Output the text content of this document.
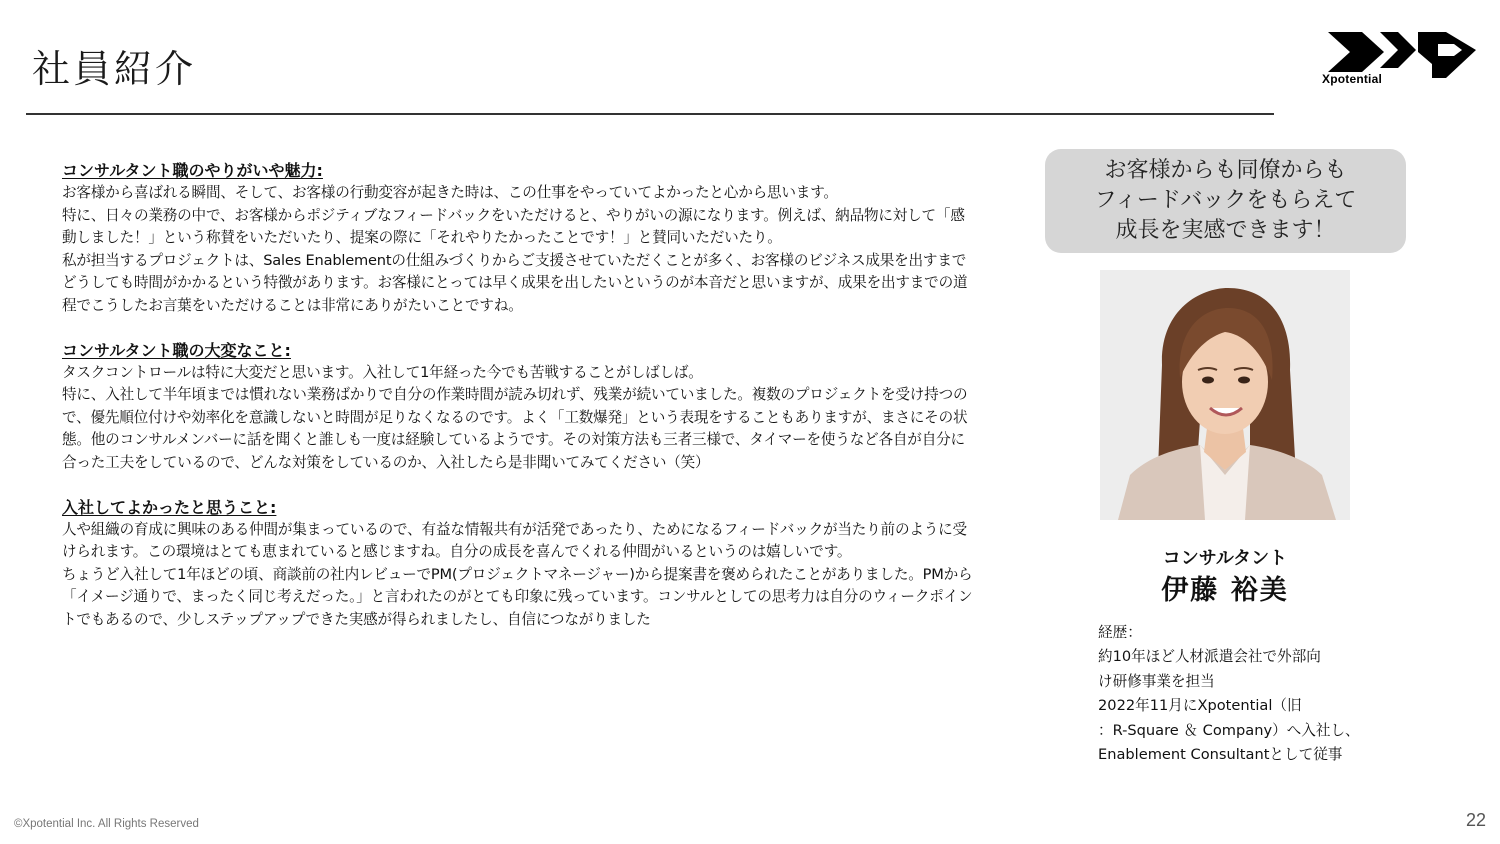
社員紹介	Xpotential

コンサルタント職のやりがいや魅力:

お客様から喜ばれる瞬間、そして、お客様の行動変容が起きた時は、この仕事をやっていてよかったと心から思います。

特に、日々の業務の中で、お客様からポジティブなフィードバックをいただけると、やりがいの源になります。例えば、納品物に対して「感動しました！」という称賛をいただいたり、提案の際に「それやりたかったことです！」と賛同いただいたり。

私が担当するプロジェクトは、Sales Enablementの仕組みづくりからご支援させていただくことが多く、お客様のビジネス成果を出すまでどうしても時間がかかるという特徴があります。お客様にとっては早く成果を出したいというのが本音だと思いますが、成果を出すまでの道程でこうしたお言葉をいただけることは非常にありがたいことですね。

コンサルタント職の大変なこと:

タスクコントロールは特に大変だと思います。入社して1年経った今でも苦戦することがしばしば。

特に、入社して半年頃までは慣れない業務ばかりで自分の作業時間が読み切れず、残業が続いていました。複数のプロジェクトを受け持つので、優先順位付けや効率化を意識しないと時間が足りなくなるのです。よく「工数爆発」という表現をすることもありますが、まさにその状態。他のコンサルメンバーに話を聞くと誰しも一度は経験しているようです。その対策方法も三者三様で、タイマーを使うなど各自が自分に合った工夫をしているので、どんな対策をしているのか、入社したら是非聞いてみてください（笑）

入社してよかったと思うこと:

人や組織の育成に興味のある仲間が集まっているので、有益な情報共有が活発であったり、ためになるフィードバックが当たり前のように受けられます。この環境はとても恵まれていると感じますね。自分の成長を喜んでくれる仲間がいるというのは嬉しいです。

ちょうど入社して1年ほどの頃、商談前の社内レビューでPM(プロジェクトマネージャー)から提案書を褒められたことがありました。PMから「イメージ通りで、まったく同じ考えだった。」と言われたのがとても印象に残っています。コンサルとしての思考力は自分のウィークポイントでもあるので、少しステップアップできた実感が得られましたし、自信につながりました

お客様からも同僚からも
フィードバックをもらえて
成長を実感できます！
コンサルタント
伊藤 裕美

経歴：

約10年ほど人材派遣会社で外部向

け研修事業を担当

2022年11月にXpotential（旧

：R-Square ＆ Company）へ入社し、

Enablement Consultantとして従事

©Xpotential Inc. All Rights Reserved	22
